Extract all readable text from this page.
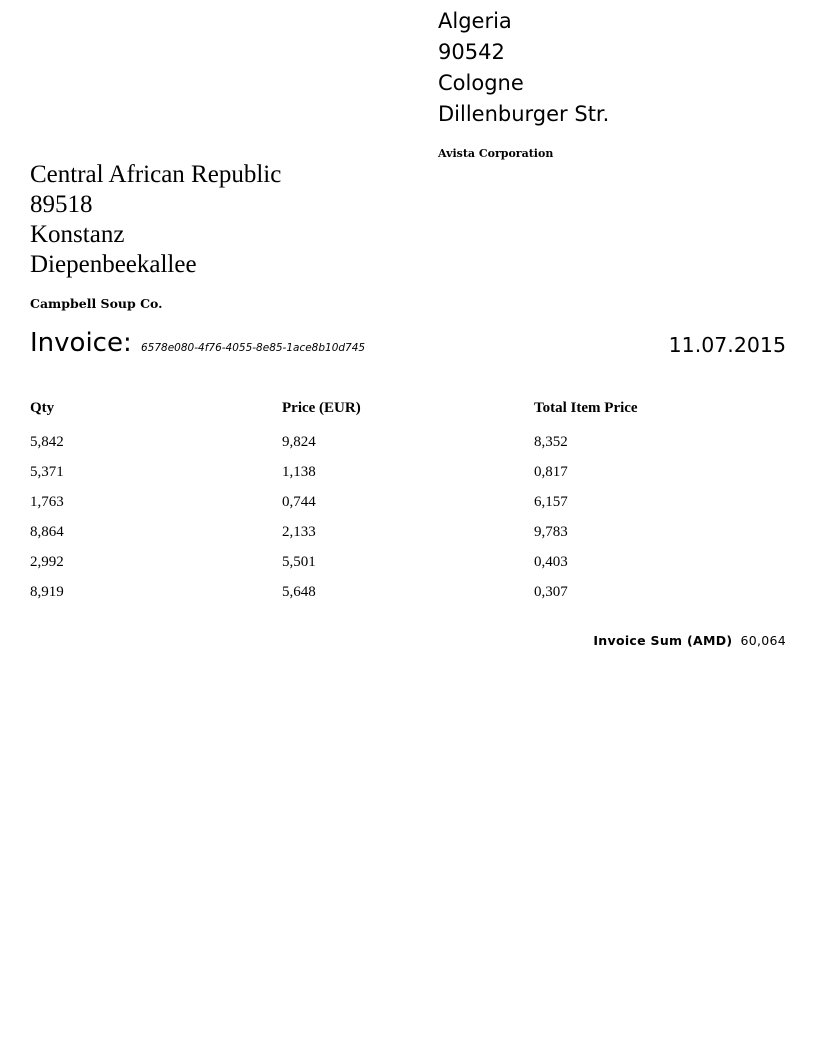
Algeria
90542
Cologne
Dillenburger Str.
Avista Corporation
Central African Republic
89518
Konstanz
Diepenbeekallee
Campbell Soup Co.
Invoice: 6578e080-4f76-4055-8e85-1ace8b10d745	11.07.2015
Qty	Price (EUR)	Total Item Price
5,842	9,824	8,352
5,371	1,138	0,817
1,763	0,744	6,157
8,864	2,133	9,783
2,992	5,501	0,403
8,919	5,648	0,307
Invoice Sum (AMD) 60,064
